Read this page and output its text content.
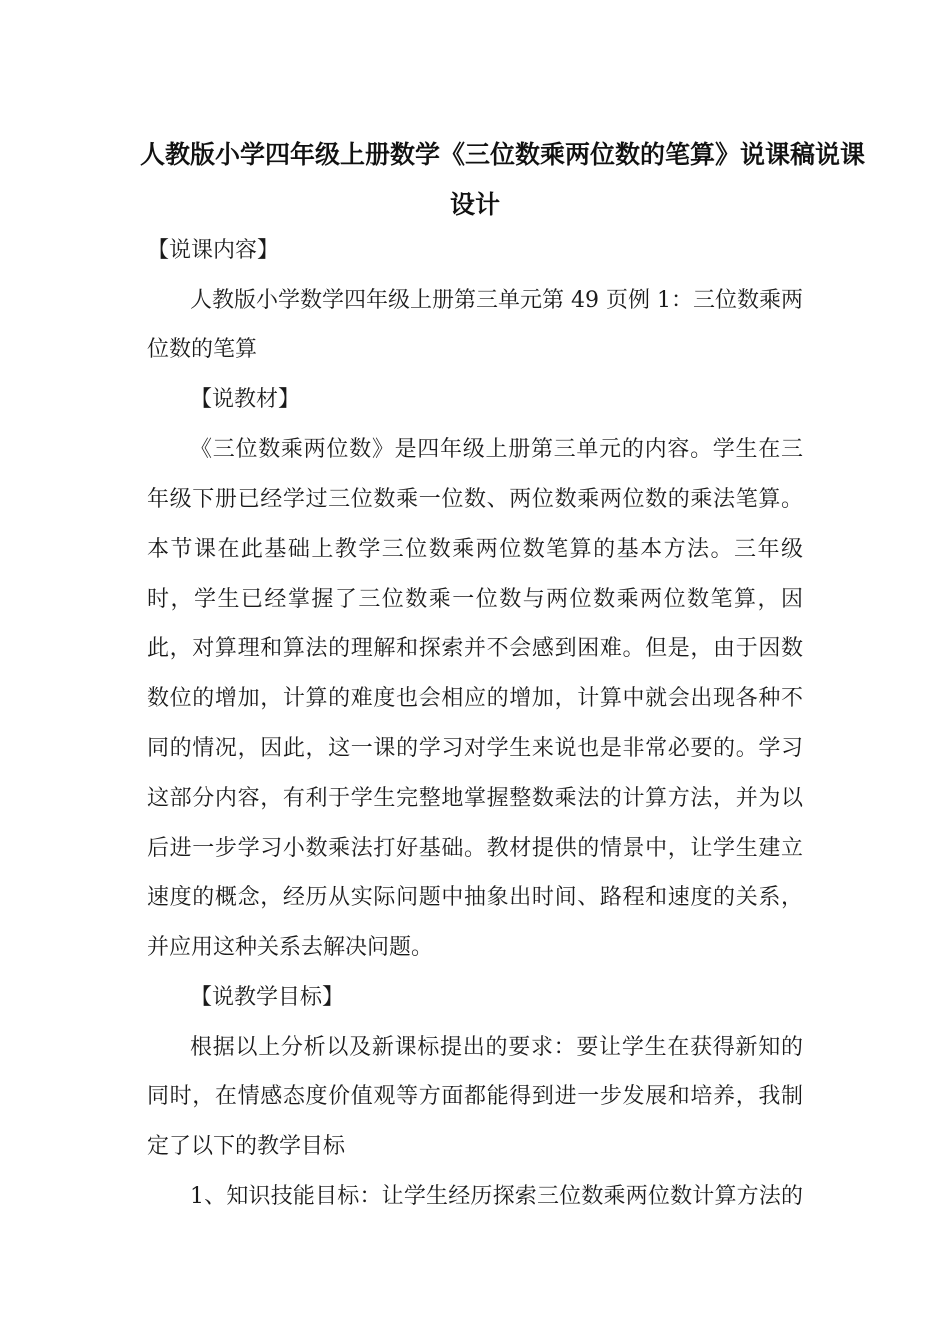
人教版小学四年级上册数学《三位数乘两位数的笔算》说课稿说课
设计
【说课内容】
人教版小学数学四年级上册第三单元第 49 页例 1：三位数乘两
位数的笔算
【说教材】
《三位数乘两位数》是四年级上册第三单元的内容。学生在三
年级下册已经学过三位数乘一位数、两位数乘两位数的乘法笔算。
本节课在此基础上教学三位数乘两位数笔算的基本方法。三年级
时，学生已经掌握了三位数乘一位数与两位数乘两位数笔算，因
此，对算理和算法的理解和探索并不会感到困难。但是，由于因数
数位的增加，计算的难度也会相应的增加，计算中就会出现各种不
同的情况，因此，这一课的学习对学生来说也是非常必要的。学习
这部分内容，有利于学生完整地掌握整数乘法的计算方法，并为以
后进一步学习小数乘法打好基础。教材提供的情景中，让学生建立
速度的概念，经历从实际问题中抽象出时间、路程和速度的关系，
并应用这种关系去解决问题。
【说教学目标】
根据以上分析以及新课标提出的要求：要让学生在获得新知的
同时，在情感态度价值观等方面都能得到进一步发展和培养，我制
定了以下的教学目标
1、知识技能目标：让学生经历探索三位数乘两位数计算方法的
